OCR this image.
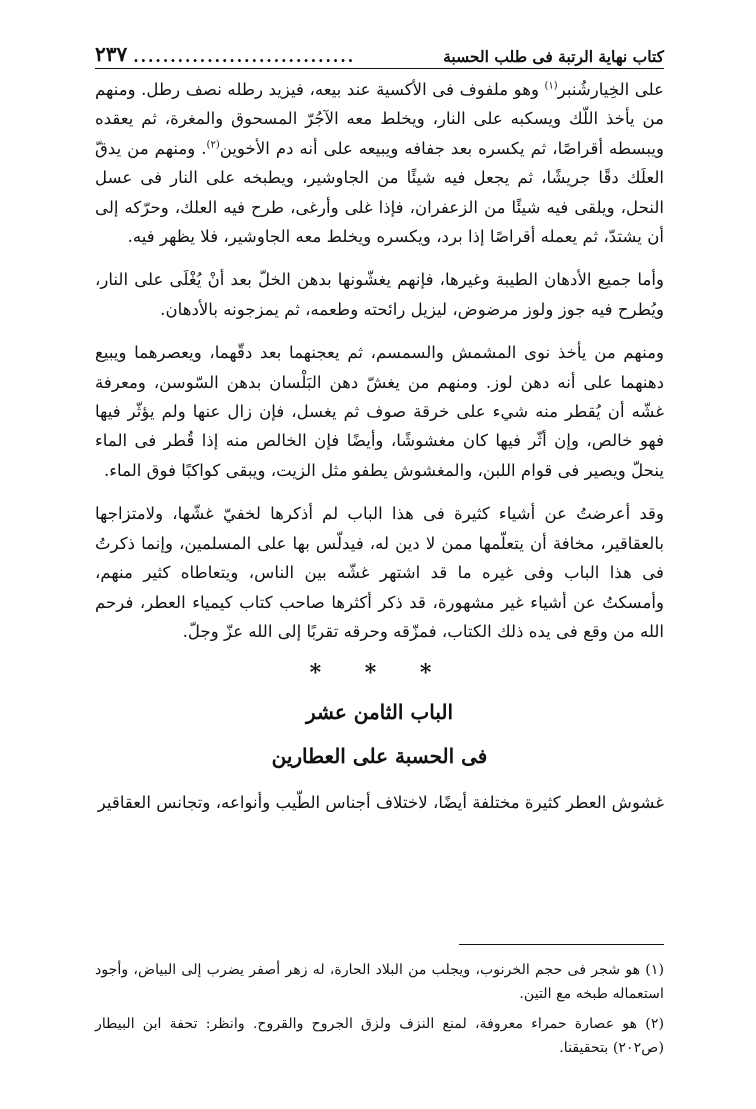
كتاب نهاية الرتبة فى طلب الحسبة
..............................
٢٣٧

على الخِيارشُنبر$^{(١)}$ وهو ملفوف فى الأكسية عند بيعه، فيزيد رطله نصف رطل. ومنهم من يأخذ اللّك ويسكبه على النار، ويخلط معه الآجُرّ المسحوق والمغرة، ثم يعقده ويبسطه أقراصًا، ثم يكسره بعد جفافه ويبيعه على أنه دم الأخوين$^{(٢)}$. ومنهم من يدقّ العلَك دقًا جريشًا، ثم يجعل فيه شيئًا من الجاوشير، ويطبخه على النار فى عسل النحل، ويلقى فيه شيئًا من الزعفران، فإذا غلى وأرغى، طرح فيه العلك، وحرّكه إلى أن يشتدّ، ثم يعمله أقراصًا إذا برد، ويكسره ويخلط معه الجاوشير، فلا يظهر فيه.

وأما جميع الأدهان الطيبة وغيرها، فإنهم يغشّونها بدهن الخلّ بعد أنْ يُغْلَى على النار، ويُطرح فيه جوز ولوز مرضوض، ليزيل رائحته وطعمه، ثم يمزجونه بالأدهان.

ومنهم من يأخذ نوى المشمش والسمسم، ثم يعجنهما بعد دقّهما، ويعصرهما ويبيع دهنهما على أنه دهن لوز. ومنهم من يغشّ دهن البَلْسان بدهن السّوسن، ومعرفة غشّه أن يُقطر منه شيء على خرقة صوف ثم يغسل، فإن زال عنها ولم يؤثّر فيها فهو خالص، وإن أثّر فيها كان مغشوشًا، وأيضًا فإن الخالص منه إذا قُطر فى الماء ينحلّ ويصير فى قوام اللبن، والمغشوش يطفو مثل الزيت، ويبقى كواكبًا فوق الماء.

وقد أعرضتُ عن أشياء كثيرة فى هذا الباب لم أذكرها لخفيّ غشّها، ولامتزاجها بالعقاقير، مخافة أن يتعلّمها ممن لا دين له، فيدلّس بها على المسلمين، وإنما ذكرتُ فى هذا الباب وفى غيره ما قد اشتهر غشّه بين الناس، ويتعاطاه كثير منهم، وأمسكتُ عن أشياء غير مشهورة، قد ذكر أكثرها صاحب كتاب كيمياء العطر، فرحم الله من وقع فى يده ذلك الكتاب، فمزّقه وحرقه تقربًا إلى الله عزّ وجلّ.

* * *
الباب الثامن عشر
فى الحسبة على العطارين

غشوش العطر كثيرة مختلفة أيضًا، لاختلاف أجناس الطّيب وأنواعه، وتجانس العقاقير

(١) هو شجر فى حجم الخرنوب، ويجلب من البلاد الحارة، له زهر أصفر يضرب إلى البياض، وأجود استعماله طبخه مع التين.

(٢) هو عصارة حمراء معروفة، لمنع النزف ولزق الجروح والقروح. وانظر: تحفة ابن البيطار (ص٢٠٢) بتحقيقنا.
